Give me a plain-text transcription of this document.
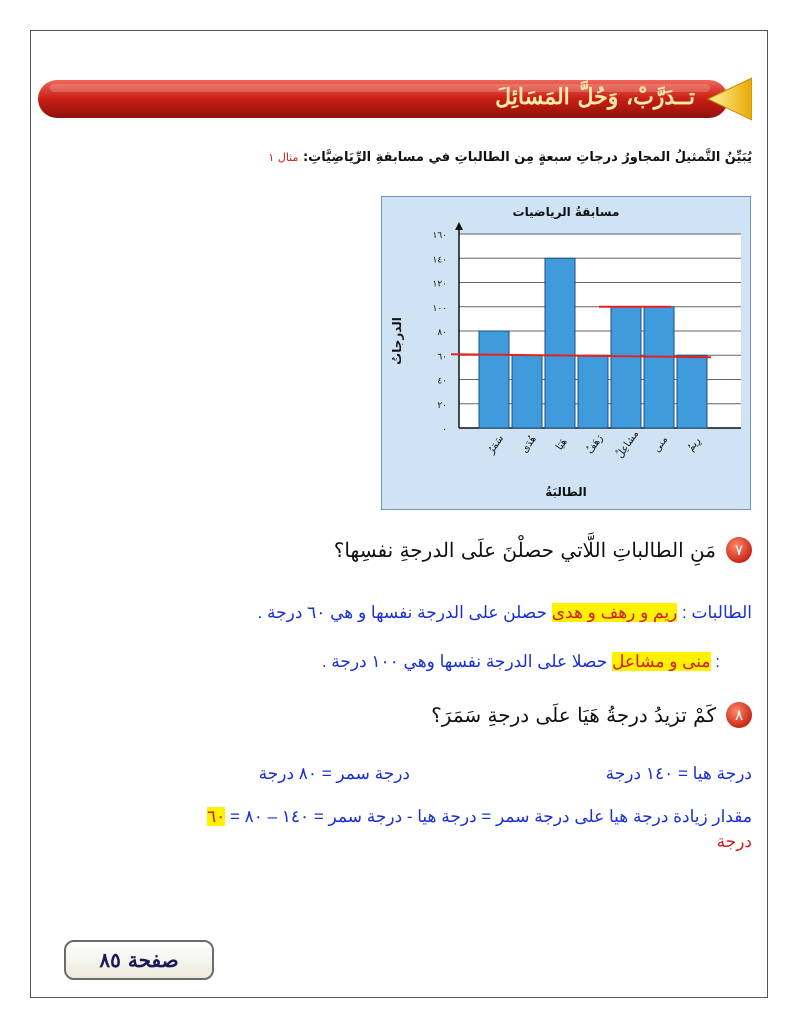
تــدَرَّبْ، وَحُلَّ المَسَائِلَ
يُبَيِّنُ التَّمثيلُ المجاورُ درجاتِ سبعةٍ مِن الطالباتِ في مسابقةِ الرِّيَاضِيَّاتِ: مثال ١
مسابقةُ الرياضيات
الطالبَةُ
الدرجاتُ
٠
٢٠
٤٠
٦٠
٨٠
١٠٠
١٢٠
١٤٠
١٦٠
سَمَرُ هُدَى هَيَا رَهَفُ مشاعِلُ منى رِيمُ
٧
مَنِ الطالباتِ اللَّاتي حصلْنَ علَى الدرجةِ نفسِها؟
الطالبات : ريم و رهف و هدى حصلن على الدرجة نفسها و هي ٦٠ درجة .
: منى و مشاعل حصلا على الدرجة نفسها وهي ١٠٠ درجة .
٨
كَمْ تزيدُ درجةُ هَيَا علَى درجةِ سَمَرَ؟
درجة هيا = ١٤٠ درجة
درجة سمر = ٨٠ درجة
مقدار زيادة درجة هيا على درجة سمر = درجة هيا - درجة سمر = ١٤٠ – ٨٠ = ٦٠
درجة
صفحة ٨٥
